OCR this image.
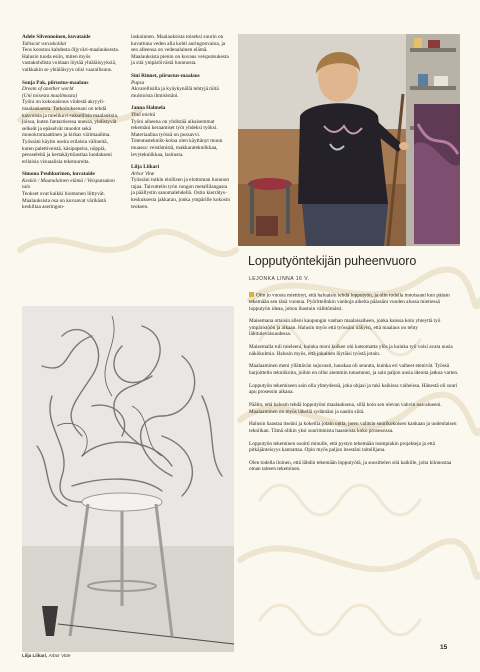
Adele Silvennoinen, kuvataide
Tabiscat varaskoldat
Teos koostuu kahdesta öljyväri-maalauksesta. Halusin tuoda esiin, miten myös vastakohdista voidaan löytää yhtäläisyyksiä, vaikkakin se yhtäläisyys olisi vaarallisuus.
Sonja Pak, piirustus-maalaus
Dream of another world
(Uni toisesta maailmasta)
Työni on kokonaisuus viidestä akryyli-maalauksesta. Tarkoituksenani on tehdä kasvoista ja mielikuvi-tuksellisia maalauksia, joissa, kuten fantastisessa unessa, yhdistyvät selkeät ja epäselvät muodot sekä monokromaattinen ja kirkas värimaailma. Työssäni käytin useita erilaisia välineitä, kuten palettiveistä, käsipapeira, nöppiä, pensseleitä ja kertakäyttöastiaa luodakseni erilaisia visuaalisia tekstuureita.
Simona Peuhkurinen, kuvataide
Keskiö / Maanalainen elämä / Veisputsukon talo
Teokset ovat kaikki hiomonen liittyvät. Maalauksista osa on kuvaavat värikästä keskiltaa aseringon-
laskuinnen. Maalauksista toiseksi suurin on kuvattuna veden alla kohti auringonvaloa, ja sen alleensa on vedenalainen elämä. Maalauksista pienin on kuvaus veisputsukesta ja sitä ympäröivästä luonnosta.
Sini Rinnet, piirustus-maalaus
Pupsa
Akvarellisilla ja kyäykynällä tehtyjä töitä muistoista ihmisistäni.
Janna Halmela
Yhtä mieltä
Työni aiheena on yhdistää aikaisemmat tekemäni keraamiset työt yhdeksi työksi. Materiaalina työssä on pussavvi. Toteutustekniik-koina olen käyttänyt muun muassa: veistämistä, makkaratekniikkaa, levytekniikkaa, lasitusta.
Lilja Liikari
Arbor Vitæ
Työssäni tutkin elollisen ja elottoman luonnon rajaa. Taivuttelin työn rungon metallilangasta ja päällystin sanomalehdellä. Ostin kierrätys-keskuksesta jakkaran, jonka ympärille kokosin teoksen.
Lilja Liikari, Arbor Vitæ
Lopputyöntekijän puheenvuoro
LEJONKA LINNA 16 V.

Olin jo vuosia miettinyt, että haluaisin tehdä lopputyön, ja olin todella innoissani kun pääsin tekemään sen tänä vuonna. Pyörittelinkin vanhoja aiheita päässäni vuoden alussa mietiessä lopputyön ideaa, johon ihastuin välittömästi.

Maisemana ottaisin alleni kaupungin vanhan maalaisaiheen, jonka kanssa koin yhteyttä työ ympäristöön ja aikaan. Halusin myös että työssäni näkyisi, että maalaus on tehty lähitulevaisuudessa.

Maisemalla tuli mieleeni, kuinka moni kulkee ohi katsomatta ylös ja kuinka työ voisi avata uusia näkökulmia. Halusin myös, että jokainen löytäisi työstä jotain.

Maalaaminen meni yllättävän sujuvasti, hauskaa oli seurata, kuinka eri vaiheet etenivät. Työssä harjoittelin tekniikoita, joihin en ollut aiemmin tutustunut, ja sain paljon uusia ideoita jatkoa varten.

Lopputyön tekemiseen sain olla yhteydessä, joka ohjasi ja tuki kaikissa vaiheissa. Hänestä oli suuri apu prosessin aikana.

Päätin, että halusin tehdä lopputyöni maalauksena, sillä koin sen olevan vahvin osa-alueeni. Maalaaminen on myös lähellä sydäntäni ja nautin siitä.

Halusin haastaa itseäni ja kokeilla jotain uutta, joten valitsin suurikokoisen kankaan ja uudenlaisen tekniikan. Tämä olikin yksi suurimmista haasteista koko prosessissa.

Lopputyön tekeminen osoitti minulle, että pystyn tekemään isompiakin projekteja ja että pitkäjänteisyys kannattaa. Opin myös paljon itsestäni taiteilijana.

Olen todella iloinen, että lähdin tekemään lopputyötä, ja suosittelen sitä kaikille, joita kiinnostaa oman taiteen tekeminen.

15
